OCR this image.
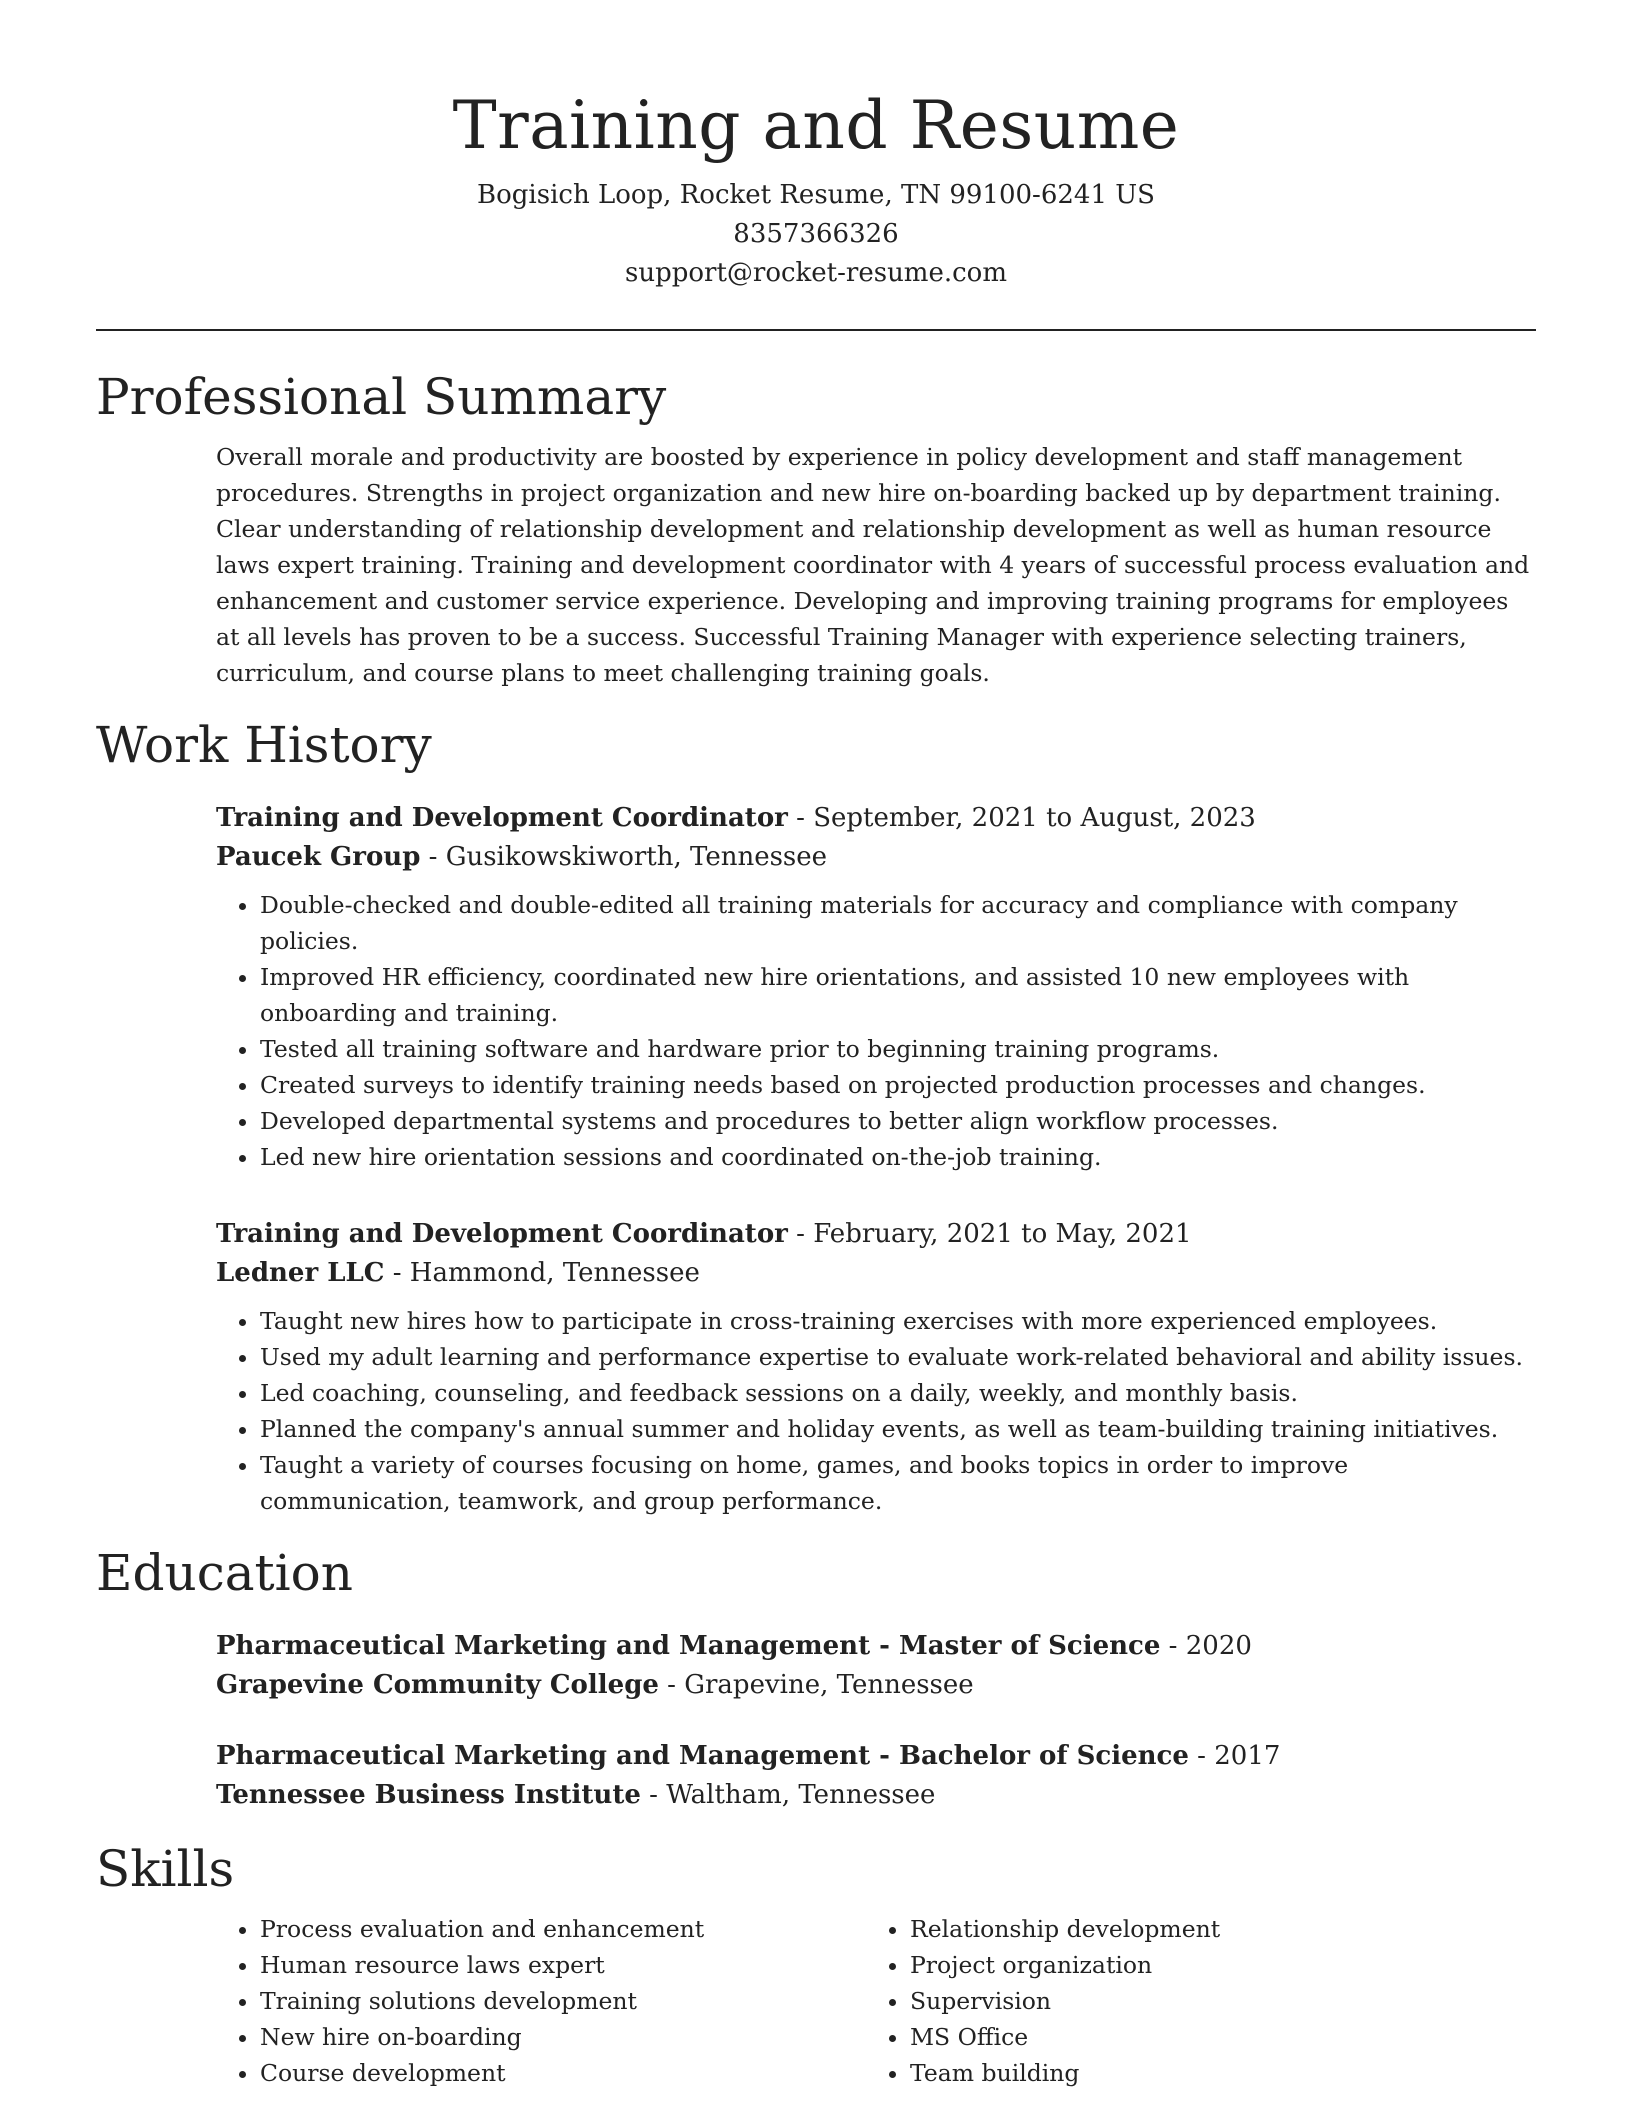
Training and Resume

Bogisich Loop, Rocket Resume, TN 99100-6241 US

8357366326

support@rocket-resume.com

Professional Summary

Overall morale and productivity are boosted by experience in policy development and staff management procedures. Strengths in project organization and new hire on-boarding backed up by department training. Clear understanding of relationship development and relationship development as well as human resource laws expert training. Training and development coordinator with 4 years of successful process evaluation and enhancement and customer service experience. Developing and improving training programs for employees at all levels has proven to be a success. Successful Training Manager with experience selecting trainers, curriculum, and course plans to meet challenging training goals.

Work History

Training and Development Coordinator - September, 2021 to August, 2023

Paucek Group - Gusikowskiworth, Tennessee

• Double-checked and double-edited all training materials for accuracy and compliance with company policies.
• Improved HR efficiency, coordinated new hire orientations, and assisted 10 new employees with onboarding and training.
• Tested all training software and hardware prior to beginning training programs.
• Created surveys to identify training needs based on projected production processes and changes.
• Developed departmental systems and procedures to better align workflow processes.
• Led new hire orientation sessions and coordinated on-the-job training.

Training and Development Coordinator - February, 2021 to May, 2021

Ledner LLC - Hammond, Tennessee

• Taught new hires how to participate in cross-training exercises with more experienced employees.
• Used my adult learning and performance expertise to evaluate work-related behavioral and ability issues.
• Led coaching, counseling, and feedback sessions on a daily, weekly, and monthly basis.
• Planned the company's annual summer and holiday events, as well as team-building training initiatives.
• Taught a variety of courses focusing on home, games, and books topics in order to improve communication, teamwork, and group performance.
Education

Pharmaceutical Marketing and Management - Master of Science - 2020

Grapevine Community College - Grapevine, Tennessee

Pharmaceutical Marketing and Management - Bachelor of Science - 2017

Tennessee Business Institute - Waltham, Tennessee

Skills
• Process evaluation and enhancement
• Human resource laws expert
• Training solutions development
• New hire on-boarding
• Course development
• Relationship development
• Project organization
• Supervision
• MS Office
• Team building
